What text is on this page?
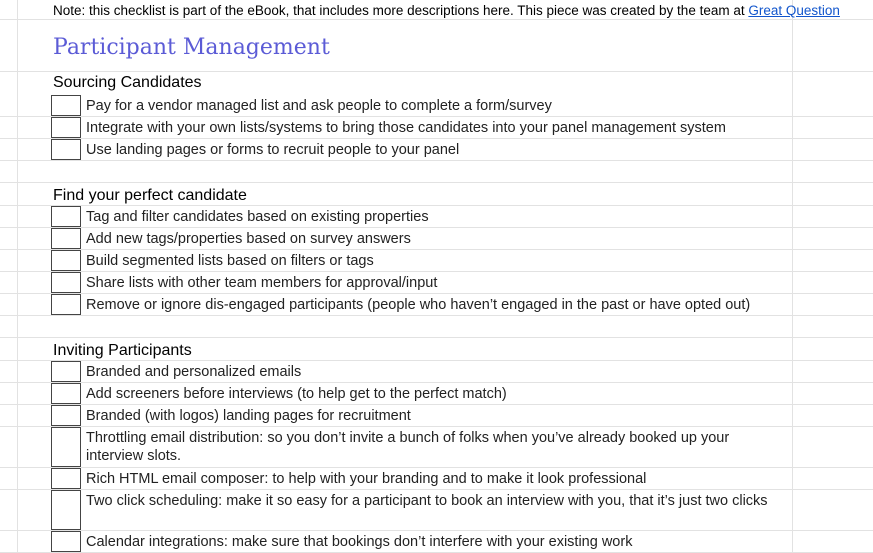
Note: this checklist is part of the eBook, that includes more descriptions here. This piece was created by the team at Great Question
Participant Management
Sourcing Candidates
Pay for a vendor managed list and ask people to complete a form/survey
Integrate with your own lists/systems to bring those candidates into your panel management system
Use landing pages or forms to recruit people to your panel
Find your perfect candidate
Tag and filter candidates based on existing properties
Add new tags/properties based on survey answers
Build segmented lists based on filters or tags
Share lists with other team members for approval/input
Remove or ignore dis-engaged participants (people who haven’t engaged in the past or have opted out)
Inviting Participants
Branded and personalized emails
Add screeners before interviews (to help get to the perfect match)
Branded (with logos) landing pages for recruitment
Throttling email distribution: so you don’t invite a bunch of folks when you’ve already booked up your interview slots.
Rich HTML email composer: to help with your branding and to make it look professional
Two click scheduling: make it so easy for a participant to book an interview with you, that it’s just two clicks
Calendar integrations: make sure that bookings don’t interfere with your existing work
